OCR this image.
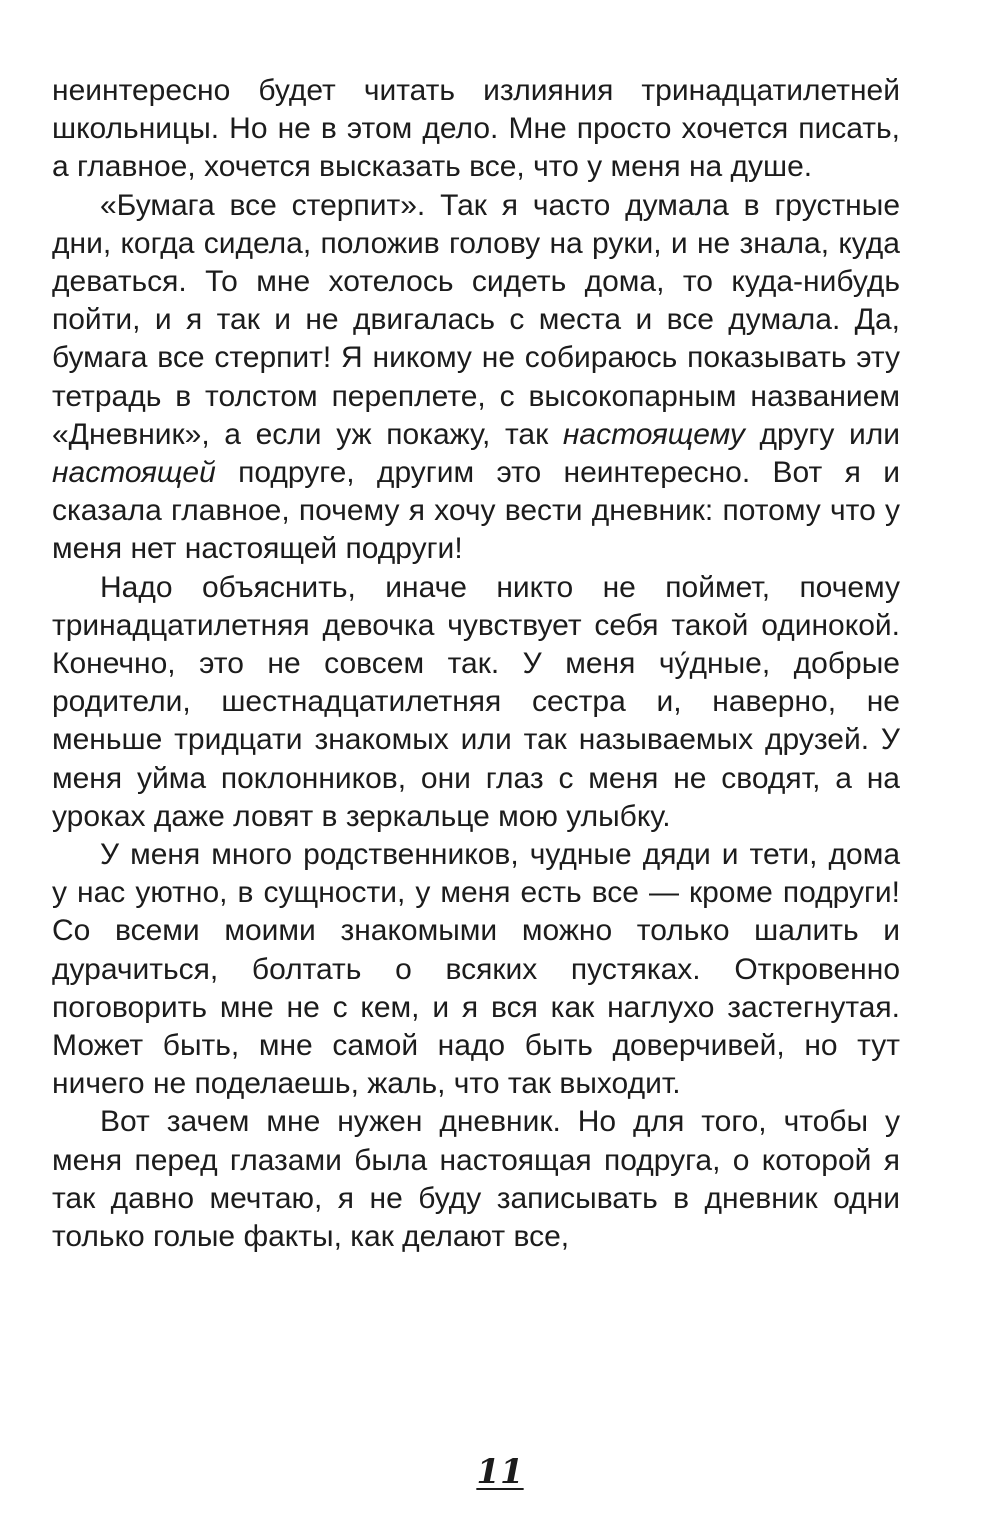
неинтересно будет читать излияния тринадцатилетней школьницы. Но не в этом дело. Мне просто хочется писать, а главное, хочется высказать все, что у меня на душе.

«Бумага все стерпит». Так я часто думала в грустные дни, когда сидела, положив голову на руки, и не знала, куда деваться. То мне хотелось сидеть дома, то куда-нибудь пойти, и я так и не двигалась с места и все думала. Да, бумага все стерпит! Я никому не собираюсь показывать эту тетрадь в толстом переплете, с высокопарным названием «Дневник», а если уж покажу, так настоящему другу или настоящей подруге, другим это неинтересно. Вот я и сказала главное, почему я хочу вести дневник: потому что у меня нет настоящей подруги!

Надо объяснить, иначе никто не поймет, почему тринадцатилетняя девочка чувствует себя такой одинокой. Конечно, это не совсем так. У меня чу́дные, добрые родители, шестнадцатилетняя сестра и, наверно, не меньше тридцати знакомых или так называемых друзей. У меня уйма поклонников, они глаз с меня не сводят, а на уроках даже ловят в зеркальце мою улыбку.

У меня много родственников, чудные дяди и тети, дома у нас уютно, в сущности, у меня есть все — кроме подруги! Со всеми моими знакомыми можно только шалить и дурачиться, болтать о всяких пустяках. Откровенно поговорить мне не с кем, и я вся как наглухо застегнутая. Может быть, мне самой надо быть доверчивей, но тут ничего не поделаешь, жаль, что так выходит.

Вот зачем мне нужен дневник. Но для того, чтобы у меня перед глазами была настоящая подруга, о которой я так давно мечтаю, я не буду записывать в дневник одни только голые факты, как делают все,

11
